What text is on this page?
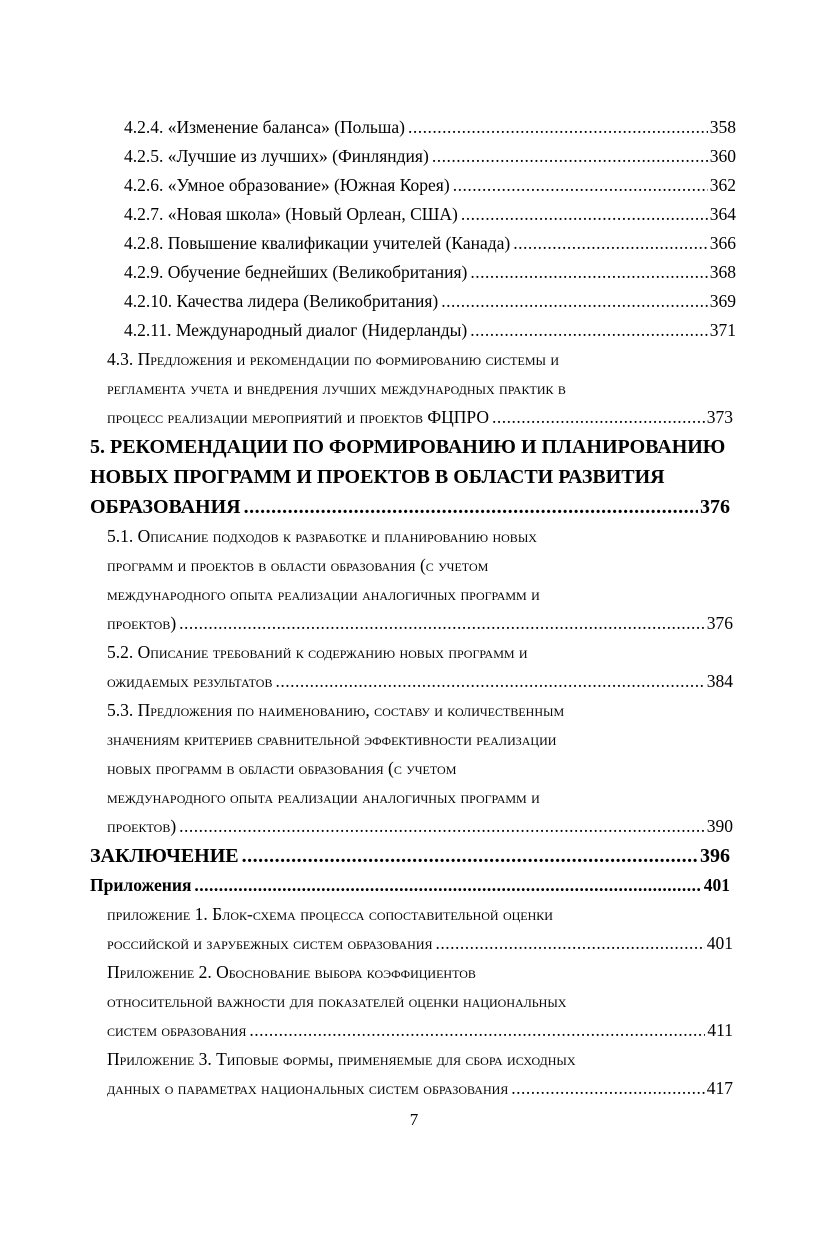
4.2.4. «Изменение баланса» (Польша) .....	358
4.2.5. «Лучшие из лучших» (Финляндия) .....	360
4.2.6. «Умное образование» (Южная Корея) .....	362
4.2.7. «Новая школа» (Новый Орлеан, США) .....	364
4.2.8. Повышение квалификации учителей (Канада) .....	366
4.2.9. Обучение беднейших (Великобритания) .....	368
4.2.10. Качества лидера (Великобритания) .....	369
4.2.11. Международный диалог (Нидерланды) .....	371
4.3. Предложения и рекомендации по формированию системы и
регламента учета и внедрения лучших международных практик в
процесс реализации мероприятий и проектов ФЦПРО .....	373
5. РЕКОМЕНДАЦИИ ПО ФОРМИРОВАНИЮ И ПЛАНИРОВАНИЮ
НОВЫХ ПРОГРАММ И ПРОЕКТОВ В ОБЛАСТИ РАЗВИТИЯ
ОБРАЗОВАНИЯ .....	376
5.1. Описание подходов к разработке и планированию новых
программ и проектов в области образования (с учетом
международного опыта реализации аналогичных программ и
проектов) .....	376
5.2. Описание требований к содержанию новых программ и
ожидаемых результатов .....	384
5.3. Предложения по наименованию, составу и количественным
значениям критериев сравнительной эффективности реализации
новых программ в области образования (с учетом
международного опыта реализации аналогичных программ и
проектов) .....	390
ЗАКЛЮЧЕНИЕ .....	396
Приложения .....	401
приложение 1. Блок-схема процесса сопоставительной оценки
российской и зарубежных систем образования .....	401
Приложение 2. Обоснование выбора коэффициентов
относительной важности для показателей оценки национальных
систем образования .....	411
Приложение 3. Типовые формы, применяемые для сбора исходных
данных о параметрах национальных систем образования .....	417
7
